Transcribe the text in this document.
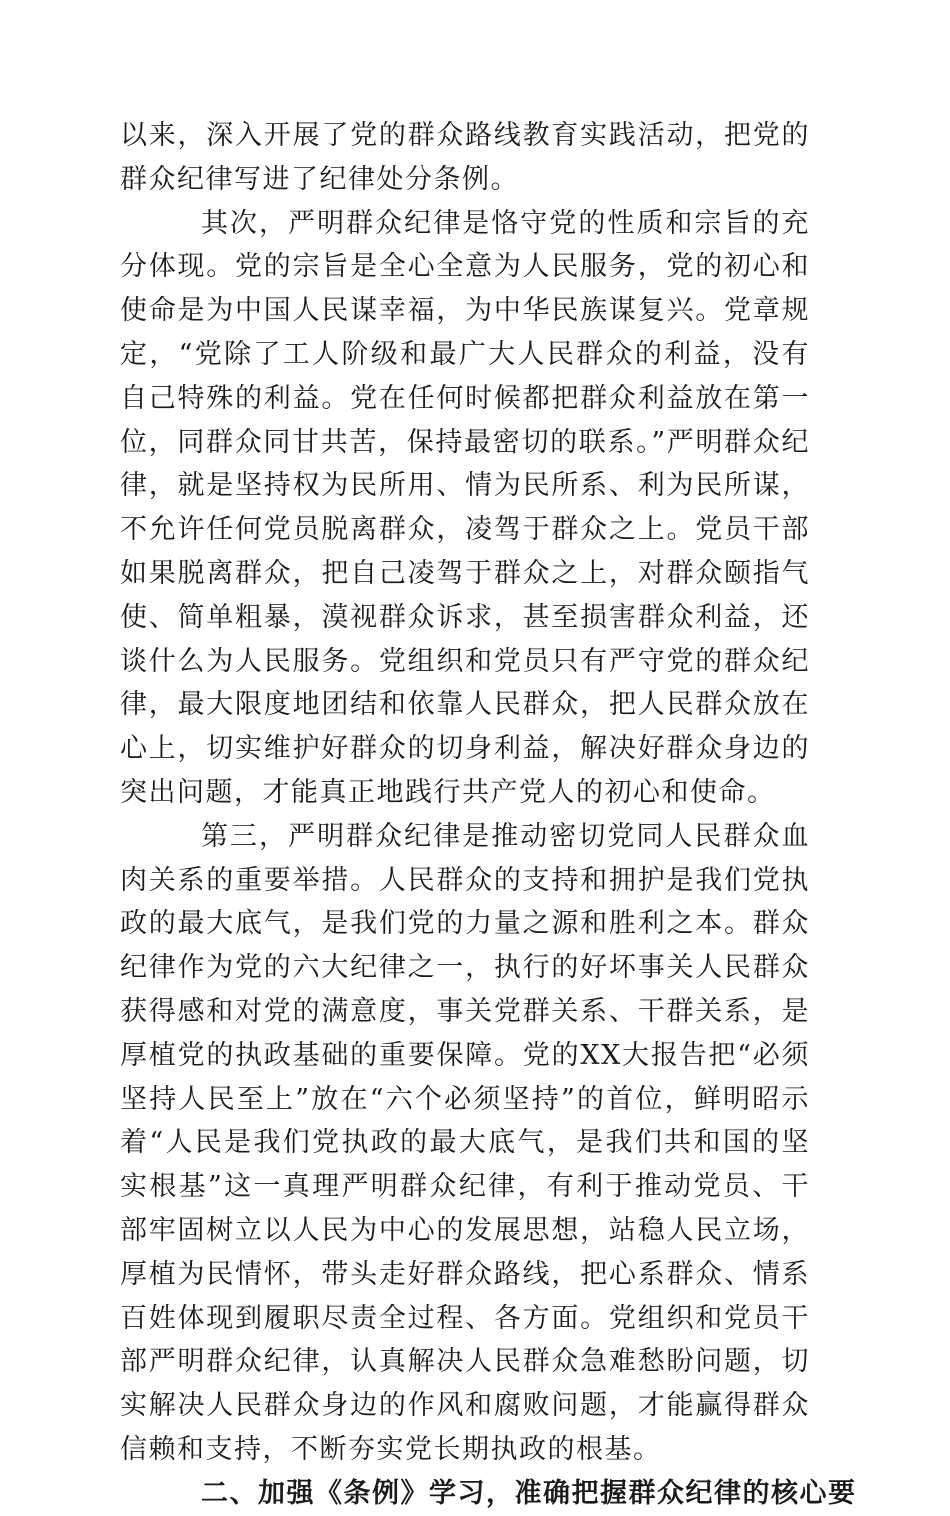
以来，深入开展了党的群众路线教育实践活动，把党的群众纪律写进了纪律处分条例。

其次，严明群众纪律是恪守党的性质和宗旨的充分体现。党的宗旨是全心全意为人民服务，党的初心和使命是为中国人民谋幸福，为中华民族谋复兴。党章规定，“党除了工人阶级和最广大人民群众的利益，没有自己特殊的利益。党在任何时候都把群众利益放在第一位，同群众同甘共苦，保持最密切的联系。”严明群众纪律，就是坚持权为民所用、情为民所系、利为民所谋，不允许任何党员脱离群众，凌驾于群众之上。党员干部如果脱离群众，把自己凌驾于群众之上，对群众颐指气使、简单粗暴，漠视群众诉求，甚至损害群众利益，还谈什么为人民服务。党组织和党员只有严守党的群众纪律，最大限度地团结和依靠人民群众，把人民群众放在心上，切实维护好群众的切身利益，解决好群众身边的突出问题，才能真正地践行共产党人的初心和使命。

第三，严明群众纪律是推动密切党同人民群众血肉关系的重要举措。人民群众的支持和拥护是我们党执政的最大底气，是我们党的力量之源和胜利之本。群众纪律作为党的六大纪律之一，执行的好坏事关人民群众获得感和对党的满意度，事关党群关系、干群关系，是厚植党的执政基础的重要保障。党的XX大报告把“必须坚持人民至上”放在“六个必须坚持”的首位，鲜明昭示着“人民是我们党执政的最大底气，是我们共和国的坚实根基”这一真理严明群众纪律，有利于推动党员、干部牢固树立以人民为中心的发展思想，站稳人民立场，厚植为民情怀，带头走好群众路线，把心系群众、情系百姓体现到履职尽责全过程、各方面。党组织和党员干部严明群众纪律，认真解决人民群众急难愁盼问题，切实解决人民群众身边的作风和腐败问题，才能赢得群众信赖和支持，不断夯实党长期执政的根基。

二、加强《条例》学习，准确把握群众纪律的核心要
